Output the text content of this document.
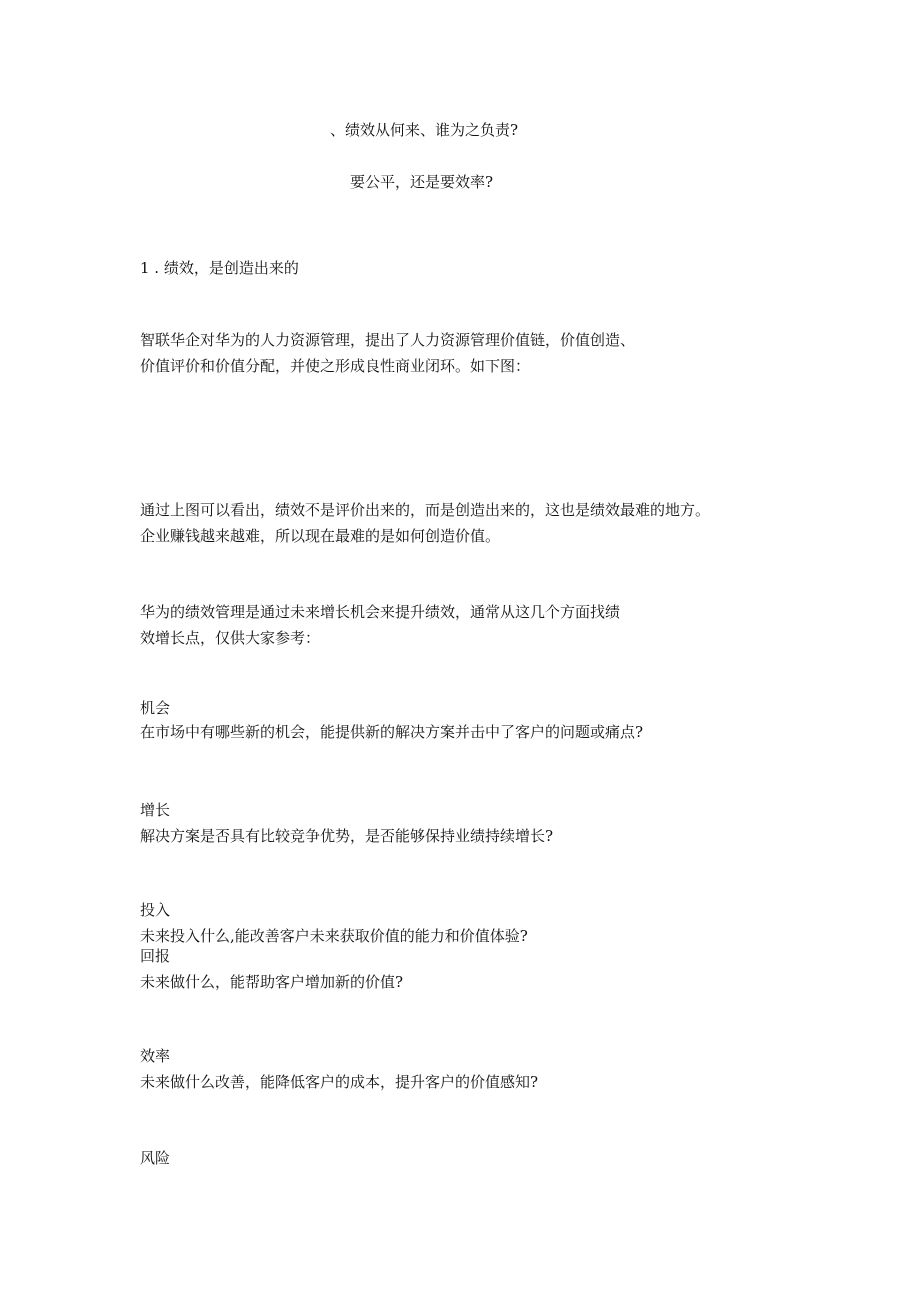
、绩效从何来、谁为之负责?

要公平，还是要效率?

1 . 绩效，是创造出来的

智联华企对华为的人力资源管理，提出了人力资源管理价值链，价值创造、

价值评价和价值分配，并使之形成良性商业闭环。如下图：

通过上图可以看出，绩效不是评价出来的，而是创造出来的，这也是绩效最难的地方。

企业赚钱越来越难，所以现在最难的是如何创造价值。

华为的绩效管理是通过未来增长机会来提升绩效，通常从这几个方面找绩

效增长点，仅供大家参考：

机会

在市场中有哪些新的机会，能提供新的解决方案并击中了客户的问题或痛点?

增长

解决方案是否具有比较竞争优势，是否能够保持业绩持续增长?

投入

未来投入什么,能改善客户未来获取价值的能力和价值体验?

回报

未来做什么，能帮助客户增加新的价值?

效率

未来做什么改善，能降低客户的成本，提升客户的价值感知?

风险
